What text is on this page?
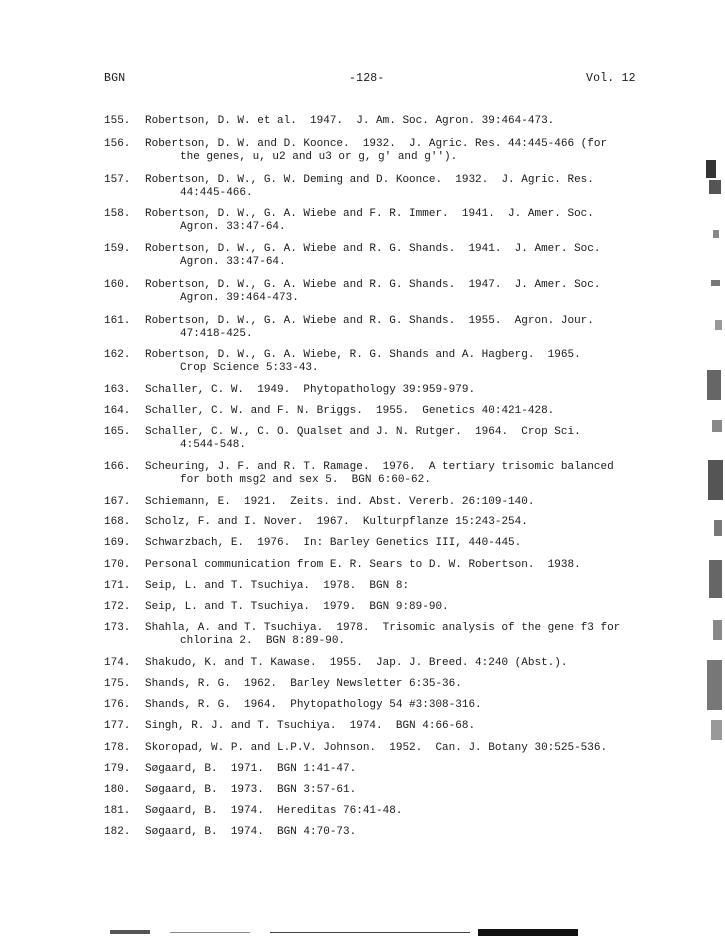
BGN	-128-	Vol. 12
155.	Robertson, D. W. et al.  1947.  J. Am. Soc. Agron. 39:464-473.
156.	Robertson, D. W. and D. Koonce.  1932.  J. Agric. Res. 44:445-466 (for
the genes, u, u2 and u3 or g, g' and g'').
157.	Robertson, D. W., G. W. Deming and D. Koonce.  1932.  J. Agric. Res.
44:445-466.
158.	Robertson, D. W., G. A. Wiebe and F. R. Immer.  1941.  J. Amer. Soc.
Agron. 33:47-64.
159.	Robertson, D. W., G. A. Wiebe and R. G. Shands.  1941.  J. Amer. Soc.
Agron. 33:47-64.
160.	Robertson, D. W., G. A. Wiebe and R. G. Shands.  1947.  J. Amer. Soc.
Agron. 39:464-473.
161.	Robertson, D. W., G. A. Wiebe and R. G. Shands.  1955.  Agron. Jour.
47:418-425.
162.	Robertson, D. W., G. A. Wiebe, R. G. Shands and A. Hagberg.  1965.
Crop Science 5:33-43.
163.	Schaller, C. W.  1949.  Phytopathology 39:959-979.
164.	Schaller, C. W. and F. N. Briggs.  1955.  Genetics 40:421-428.
165.	Schaller, C. W., C. O. Qualset and J. N. Rutger.  1964.  Crop Sci.
4:544-548.
166.	Scheuring, J. F. and R. T. Ramage.  1976.  A tertiary trisomic balanced
for both msg2 and sex 5.  BGN 6:60-62.
167.	Schiemann, E.  1921.  Zeits. ind. Abst. Vererb. 26:109-140.
168.	Scholz, F. and I. Nover.  1967.  Kulturpflanze 15:243-254.
169.	Schwarzbach, E.  1976.  In: Barley Genetics III, 440-445.
170.	Personal communication from E. R. Sears to D. W. Robertson.  1938.
171.	Seip, L. and T. Tsuchiya.  1978.  BGN 8:
172.	Seip, L. and T. Tsuchiya.  1979.  BGN 9:89-90.
173.	Shahla, A. and T. Tsuchiya.  1978.  Trisomic analysis of the gene f3 for
chlorina 2.  BGN 8:89-90.
174.	Shakudo, K. and T. Kawase.  1955.  Jap. J. Breed. 4:240 (Abst.).
175.	Shands, R. G.  1962.  Barley Newsletter 6:35-36.
176.	Shands, R. G.  1964.  Phytopathology 54 #3:308-316.
177.	Singh, R. J. and T. Tsuchiya.  1974.  BGN 4:66-68.
178.	Skoropad, W. P. and L.P.V. Johnson.  1952.  Can. J. Botany 30:525-536.
179.	Søgaard, B.  1971.  BGN 1:41-47.
180.	Søgaard, B.  1973.  BGN 3:57-61.
181.	Søgaard, B.  1974.  Hereditas 76:41-48.
182.	Søgaard, B.  1974.  BGN 4:70-73.
